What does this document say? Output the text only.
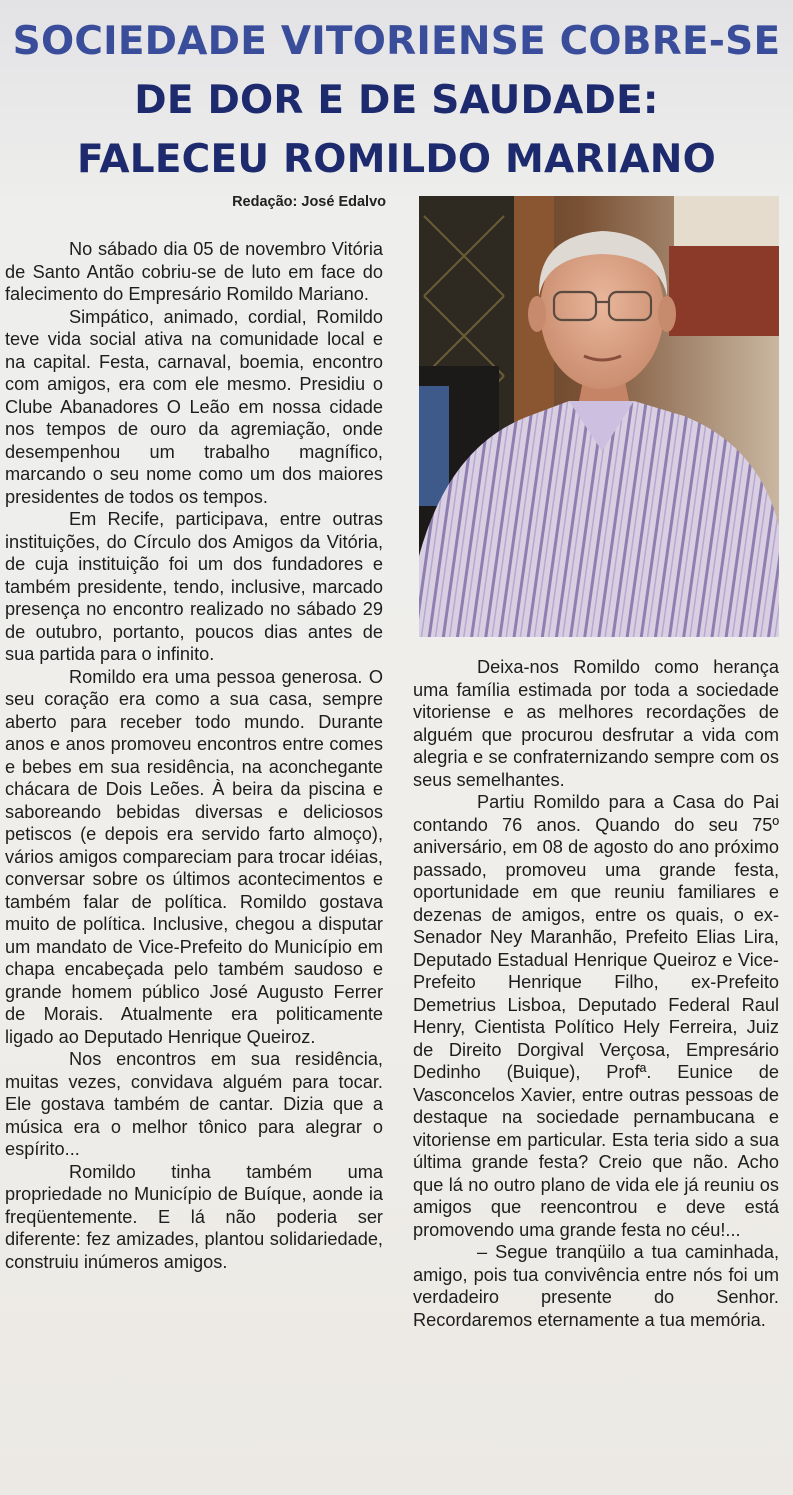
SOCIEDADE VITORIENSE COBRE-SE
DE DOR E DE SAUDADE:
FALECEU ROMILDO MARIANO
Redação: José Edalvo

No sábado dia 05 de novembro Vitória de Santo Antão cobriu-se de luto em face do falecimento do Empresário Romildo Mariano.

Simpático, animado, cordial, Romildo teve vida social ativa na comunidade local e na capital. Festa, carnaval, boemia, encontro com amigos, era com ele mesmo. Presidiu o Clube Abanadores O Leão em nossa cidade nos tempos de ouro da agremiação, onde desempenhou um trabalho magnífico, marcando o seu nome como um dos maiores presidentes de todos os tempos.

Em Recife, participava, entre outras instituições, do Círculo dos Amigos da Vitória, de cuja instituição foi um dos fundadores e também presidente, tendo, inclusive, marcado presença no encontro realizado no sábado 29 de outubro, portanto, poucos dias antes de sua partida para o infinito.

Romildo era uma pessoa generosa. O seu coração era como a sua casa, sempre aberto para receber todo mundo. Durante anos e anos promoveu encontros entre comes e bebes em sua residência, na aconchegante chácara de Dois Leões. À beira da piscina e saboreando bebidas diversas e deliciosos petiscos (e depois era servido farto almoço), vários amigos compareciam para trocar idéias, conversar sobre os últimos acontecimentos e também falar de política. Romildo gostava muito de política. Inclusive, chegou a disputar um mandato de Vice-Prefeito do Município em chapa encabeçada pelo também saudoso e grande homem público José Augusto Ferrer de Morais. Atualmente era politicamente ligado ao Deputado Henrique Queiroz.

Nos encontros em sua residência, muitas vezes, convidava alguém para tocar. Ele gostava também de cantar. Dizia que a música era o melhor tônico para alegrar o espírito...

Romildo tinha também uma propriedade no Município de Buíque, aonde ia freqüentemente. E lá não poderia ser diferente: fez amizades, plantou solidariedade, construiu inúmeros amigos.

Deixa-nos Romildo como herança uma família estimada por toda a sociedade vitoriense e as melhores recordações de alguém que procurou desfrutar a vida com alegria e se confraternizando sempre com os seus semelhantes.

Partiu Romildo para a Casa do Pai contando 76 anos. Quando do seu 75º aniversário, em 08 de agosto do ano próximo passado, promoveu uma grande festa, oportunidade em que reuniu familiares e dezenas de amigos, entre os quais, o ex-Senador Ney Maranhão, Prefeito Elias Lira, Deputado Estadual Henrique Queiroz e Vice-Prefeito Henrique Filho, ex-Prefeito Demetrius Lisboa, Deputado Federal Raul Henry, Cientista Político Hely Ferreira, Juiz de Direito Dorgival Verçosa, Empresário Dedinho (Buique), Profª. Eunice de Vasconcelos Xavier, entre outras pessoas de destaque na sociedade pernambucana e vitoriense em particular. Esta teria sido a sua última grande festa? Creio que não. Acho que lá no outro plano de vida ele já reuniu os amigos que reencontrou e deve está promovendo uma grande festa no céu!...

– Segue tranqüilo a tua caminhada, amigo, pois tua convivência entre nós foi um verdadeiro presente do Senhor. Recordaremos eternamente a tua memória.
